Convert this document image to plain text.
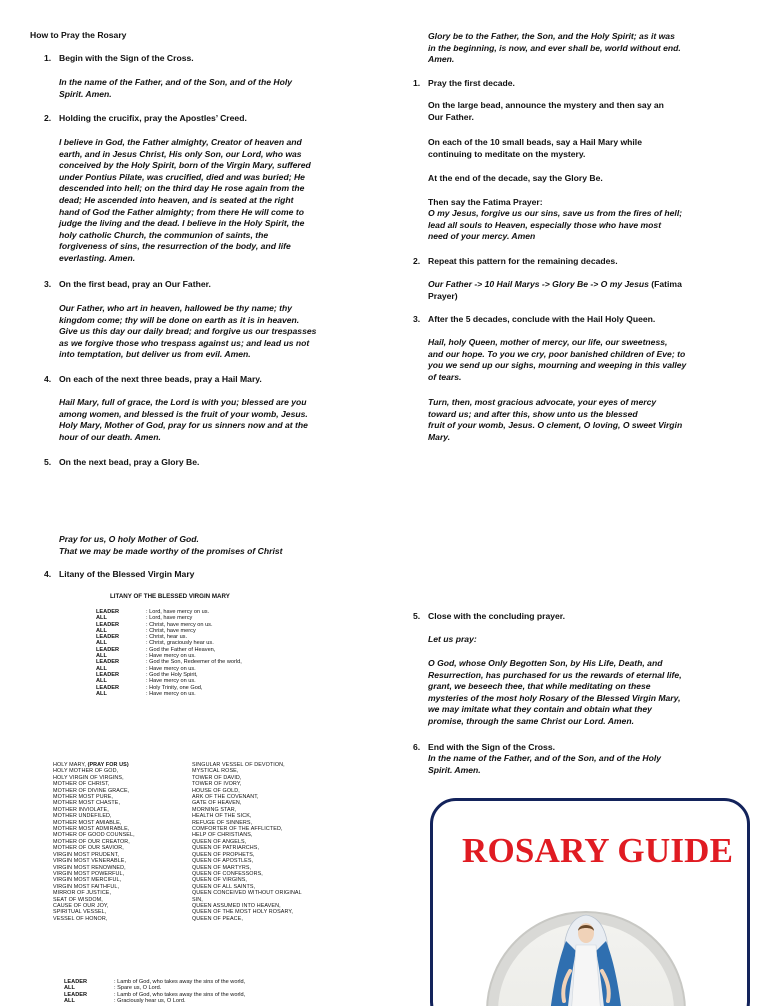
How to Pray the Rosary
1. Begin with the Sign of the Cross.
In the name of the Father, and of the Son, and of the Holy
Spirit. Amen.
2. Holding the crucifix, pray the Apostles’ Creed.
I believe in God, the Father almighty, Creator of heaven and
earth, and in Jesus Christ, His only Son, our Lord, who was
conceived by the Holy Spirit, born of the Virgin Mary, suffered
under Pontius Pilate, was crucified, died and was buried; He
descended into hell; on the third day He rose again from the
dead; He ascended into heaven, and is seated at the right
hand of God the Father almighty; from there He will come to
judge the living and the dead. I believe in the Holy Spirit, the
holy catholic Church, the communion of saints, the
forgiveness of sins, the resurrection of the body, and life
everlasting. Amen.
3. On the first bead, pray an Our Father.
Our Father, who art in heaven, hallowed be thy name; thy
kingdom come; thy will be done on earth as it is in heaven.
Give us this day our daily bread; and forgive us our trespasses
as we forgive those who trespass against us; and lead us not
into temptation, but deliver us from evil. Amen.
4. On each of the next three beads, pray a Hail Mary.
Hail Mary, full of grace, the Lord is with you; blessed are you
among women, and blessed is the fruit of your womb, Jesus.
Holy Mary, Mother of God, pray for us sinners now and at the
hour of our death. Amen.
5. On the next bead, pray a Glory Be.
Pray for us, O holy Mother of God.
That we may be made worthy of the promises of Christ
4. Litany of the Blessed Virgin Mary
LITANY OF THE BLESSED VIRGIN MARY
LEADER	: Lord, have mercy on us.
ALL	: Lord, have mercy
LEADER	: Christ, have mercy on us.
ALL	: Christ, have mercy
LEADER	: Christ, hear us.
ALL	: Christ, graciously hear us.
LEADER	: God the Father of Heaven,
ALL	: Have mercy on us.
LEADER	: God the Son, Redeemer of the world,
ALL	: Have mercy on us.
LEADER	: God the Holy Spirit,
ALL	: Have mercy on us.
LEADER	: Holy Trinity, one God,
ALL	: Have mercy on us.
HOLY MARY, (PRAY FOR US)
HOLY MOTHER OF GOD,
HOLY VIRGIN OF VIRGINS,
MOTHER OF CHRIST,
MOTHER OF DIVINE GRACE,
MOTHER MOST PURE,
MOTHER MOST CHASTE,
MOTHER INVIOLATE,
MOTHER UNDEFILED,
MOTHER MOST AMIABLE,
MOTHER MOST ADMIRABLE,
MOTHER OF GOOD COUNSEL,
MOTHER OF OUR CREATOR,
MOTHER OF OUR SAVIOR,
VIRGIN MOST PRUDENT,
VIRGIN MOST VENERABLE,
VIRGIN MOST RENOWNED,
VIRGIN MOST POWERFUL,
VIRGIN MOST MERCIFUL,
VIRGIN MOST FAITHFUL,
MIRROR OF JUSTICE,
SEAT OF WISDOM,
CAUSE OF OUR JOY,
SPIRITUAL VESSEL,
VESSEL OF HONOR,
SINGULAR VESSEL OF DEVOTION,
MYSTICAL ROSE,
TOWER OF DAVID,
TOWER OF IVORY,
HOUSE OF GOLD,
ARK OF THE COVENANT,
GATE OF HEAVEN,
MORNING STAR,
HEALTH OF THE SICK,
REFUGE OF SINNERS,
COMFORTER OF THE AFFLICTED,
HELP OF CHRISTIANS,
QUEEN OF ANGELS,
QUEEN OF PATRIARCHS,
QUEEN OF PROPHETS,
QUEEN OF APOSTLES,
QUEEN OF MARTYRS,
QUEEN OF CONFESSORS,
QUEEN OF VIRGINS,
QUEEN OF ALL SAINTS,
QUEEN CONCEIVED WITHOUT ORIGINAL
SIN,
QUEEN ASSUMED INTO HEAVEN,
QUEEN OF THE MOST HOLY ROSARY,
QUEEN OF PEACE,
LEADER	: Lamb of God, who takes away the sins of the world,
ALL	: Spare us, O Lord.
LEADER	: Lamb of God, who takes away the sins of the world,
ALL	: Graciously hear us, O Lord.
Glory be to the Father, the Son, and the Holy Spirit; as it was
in the beginning, is now, and ever shall be, world without end.
Amen.
1. Pray the first decade.
On the large bead, announce the mystery and then say an
Our Father.
On each of the 10 small beads, say a Hail Mary while
continuing to meditate on the mystery.
At the end of the decade, say the Glory Be.
Then say the Fatima Prayer:
O my Jesus, forgive us our sins, save us from the fires of hell;
lead all souls to Heaven, especially those who have most
need of your mercy. Amen
2. Repeat this pattern for the remaining decades.
Our Father -> 10 Hail Marys -> Glory Be -> O my Jesus (Fatima
Prayer)
3. After the 5 decades, conclude with the Hail Holy Queen.
Hail, holy Queen, mother of mercy, our life, our sweetness,
and our hope. To you we cry, poor banished children of Eve; to
you we send up our sighs, mourning and weeping in this valley
of tears.
Turn, then, most gracious advocate, your eyes of mercy
toward us; and after this, show unto us the blessed
fruit of your womb, Jesus. O clement, O loving, O sweet Virgin
Mary.
5. Close with the concluding prayer.
Let us pray:
O God, whose Only Begotten Son, by His Life, Death, and
Resurrection, has purchased for us the rewards of eternal life,
grant, we beseech thee, that while meditating on these
mysteries of the most holy Rosary of the Blessed Virgin Mary,
we may imitate what they contain and obtain what they
promise, through the same Christ our Lord. Amen.
6. End with the Sign of the Cross.
In the name of the Father, and of the Son, and of the Holy
Spirit. Amen.
ROSARY GUIDE
